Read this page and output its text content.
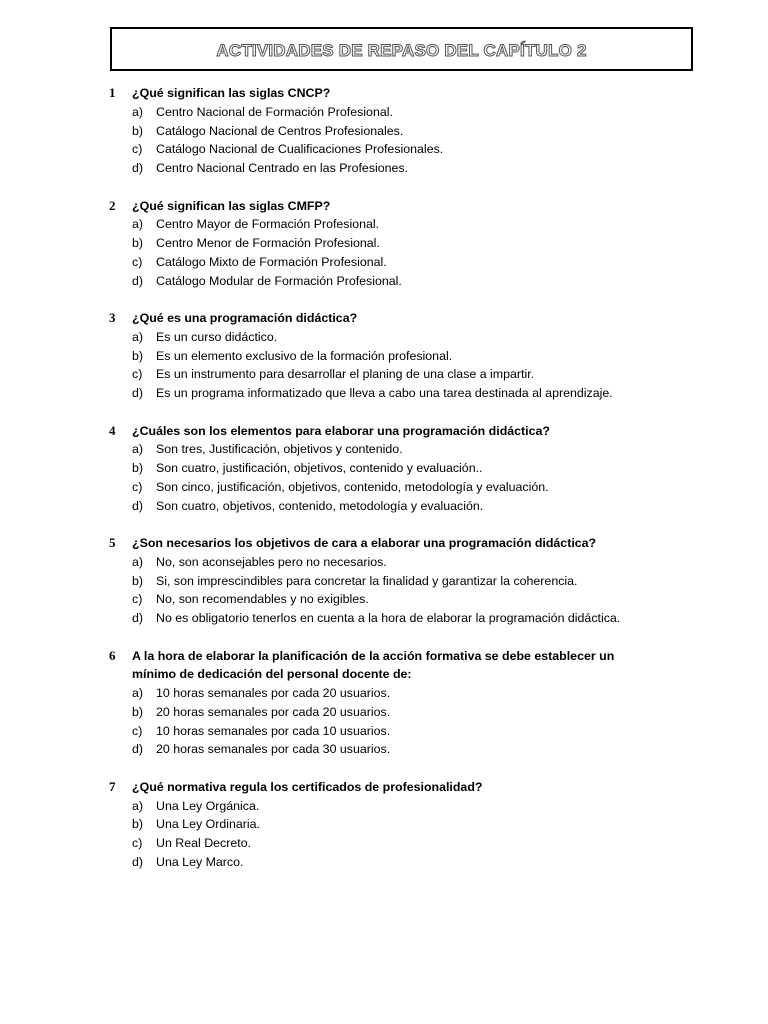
ACTIVIDADES DE REPASO DEL CAPÍTULO 2
1 ¿Qué significan las siglas CNCP?
a) Centro Nacional de Formación Profesional.
b) Catálogo Nacional de Centros Profesionales.
c) Catálogo Nacional de Cualificaciones Profesionales.
d) Centro Nacional Centrado en las Profesiones.
2 ¿Qué significan las siglas CMFP?
a) Centro Mayor de Formación Profesional.
b) Centro Menor de Formación Profesional.
c) Catálogo Mixto de Formación Profesional.
d) Catálogo Modular de Formación Profesional.
3 ¿Qué es una programación didáctica?
a) Es un curso didáctico.
b) Es un elemento exclusivo de la formación profesional.
c) Es un instrumento para desarrollar el planing de una clase a impartir.
d) Es un programa informatizado que lleva a cabo una tarea destinada al aprendizaje.
4 ¿Cuáles son los elementos para elaborar una programación didáctica?
a) Son tres, Justificación, objetivos y contenido.
b) Son cuatro, justificación, objetivos, contenido y evaluación..
c) Son cinco, justificación, objetivos, contenido, metodología y evaluación.
d) Son cuatro, objetivos, contenido, metodología y evaluación.
5 ¿Son necesarios los objetivos de cara a elaborar una programación didáctica?
a) No, son aconsejables pero no necesarios.
b) Si, son imprescindibles para concretar la finalidad y garantizar la coherencia.
c) No, son recomendables y no exigibles.
d) No es obligatorio tenerlos en cuenta a la hora de elaborar la programación didáctica.
6 A la hora de elaborar la planificación de la acción formativa se debe establecer un mínimo de dedicación del personal docente de:
a) 10 horas semanales por cada 20 usuarios.
b) 20 horas semanales por cada 20 usuarios.
c) 10 horas semanales por cada 10 usuarios.
d) 20 horas semanales por cada 30 usuarios.
7 ¿Qué normativa regula los certificados de profesionalidad?
a) Una Ley Orgánica.
b) Una Ley Ordinaria.
c) Un Real Decreto.
d) Una Ley Marco.
